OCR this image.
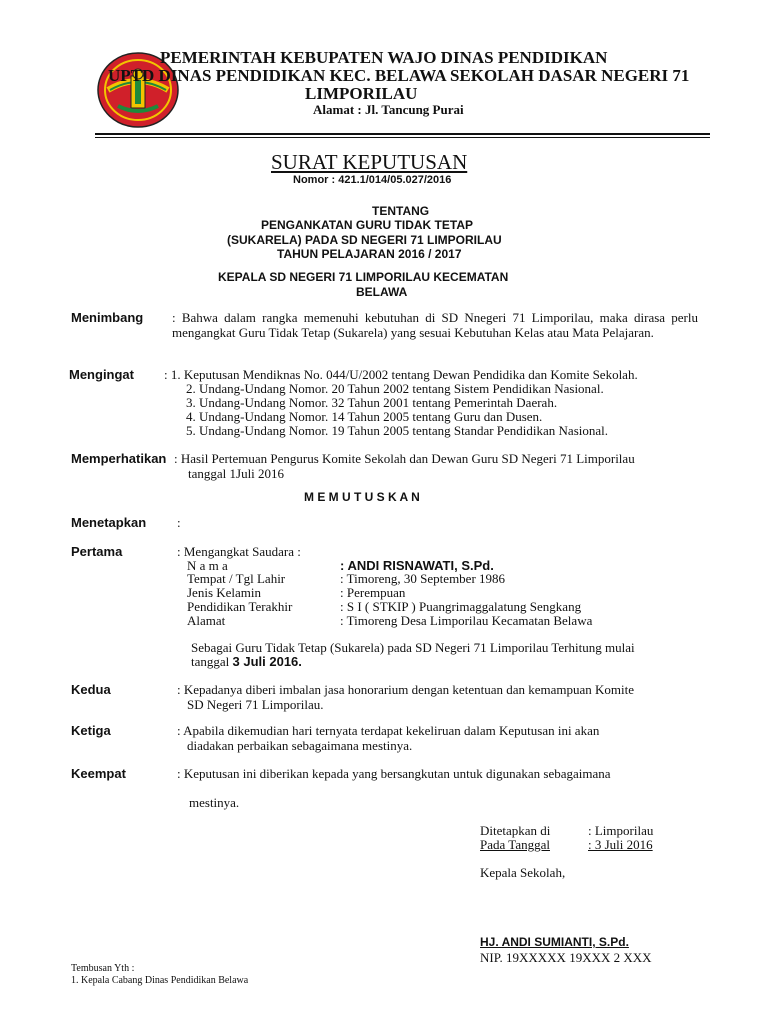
PEMERINTAH KEBUPATEN WAJO DINAS PENDIDIKAN
UPTD DINAS PENDIDIKAN KEC. BELAWA SEKOLAH DASAR NEGERI 71
LIMPORILAU
Alamat : Jl. Tancung Purai
SURAT KEPUTUSAN
Nomor : 421.1/014/05.027/2016
TENTANG
PENGANKATAN GURU TIDAK TETAP
(SUKARELA) PADA SD NEGERI 71 LIMPORILAU
TAHUN PELAJARAN 2016 / 2017
KEPALA SD NEGERI 71 LIMPORILAU KECEMATAN
BELAWA
Menimbang : Bahwa dalam rangka memenuhi kebutuhan di SD Nnegeri 71 Limporilau, maka dirasa perlu mengangkat Guru Tidak Tetap (Sukarela) yang sesuai Kebutuhan Kelas atau Mata Pelajaran.
Mengingat : 1. Keputusan Mendiknas No. 044/U/2002 tentang Dewan Pendidika dan Komite Sekolah.
2. Undang-Undang Nomor. 20 Tahun 2002 tentang Sistem Pendidikan Nasional.
3. Undang-Undang Nomor. 32 Tahun 2001 tentang Pemerintah Daerah.
4. Undang-Undang Nomor. 14 Tahun 2005 tentang Guru dan Dusen.
5. Undang-Undang Nomor. 19 Tahun 2005 tentang Standar Pendidikan Nasional.
Memperhatikan : Hasil Pertemuan Pengurus Komite Sekolah dan Dewan Guru SD Negeri 71 Limporilau
tanggal 1Juli 2016
M E M U T U S K A N
Menetapkan :
Pertama	: Mengangkat Saudara :
N a m a	: ANDI RISNAWATI, S.Pd.
Tempat / Tgl Lahir	: Timoreng, 30 September 1986
Jenis Kelamin	: Perempuan
Pendidikan Terakhir	: S I ( STKIP ) Puangrimaggalatung Sengkang
Alamat	: Timoreng Desa Limporilau Kecamatan Belawa
Sebagai Guru Tidak Tetap (Sukarela) pada SD Negeri 71 Limporilau Terhitung mulai
tanggal 3 Juli 2016.
Kedua	: Kepadanya diberi imbalan jasa honorarium dengan ketentuan dan kemampuan Komite
SD Negeri 71 Limporilau.
Ketiga	: Apabila dikemudian hari ternyata terdapat kekeliruan dalam Keputusan ini akan
diadakan perbaikan sebagaimana mestinya.
Keempat	: Keputusan ini diberikan kepada yang bersangkutan untuk digunakan sebagaimana
mestinya.
Ditetapkan di	: Limporilau
Pada Tanggal	: 3 Juli 2016
Kepala Sekolah,
HJ. ANDI SUMIANTI, S.Pd.
NIP. 19XXXXX 19XXX 2 XXX
Tembusan Yth :
1. Kepala Cabang Dinas Pendidikan Belawa
